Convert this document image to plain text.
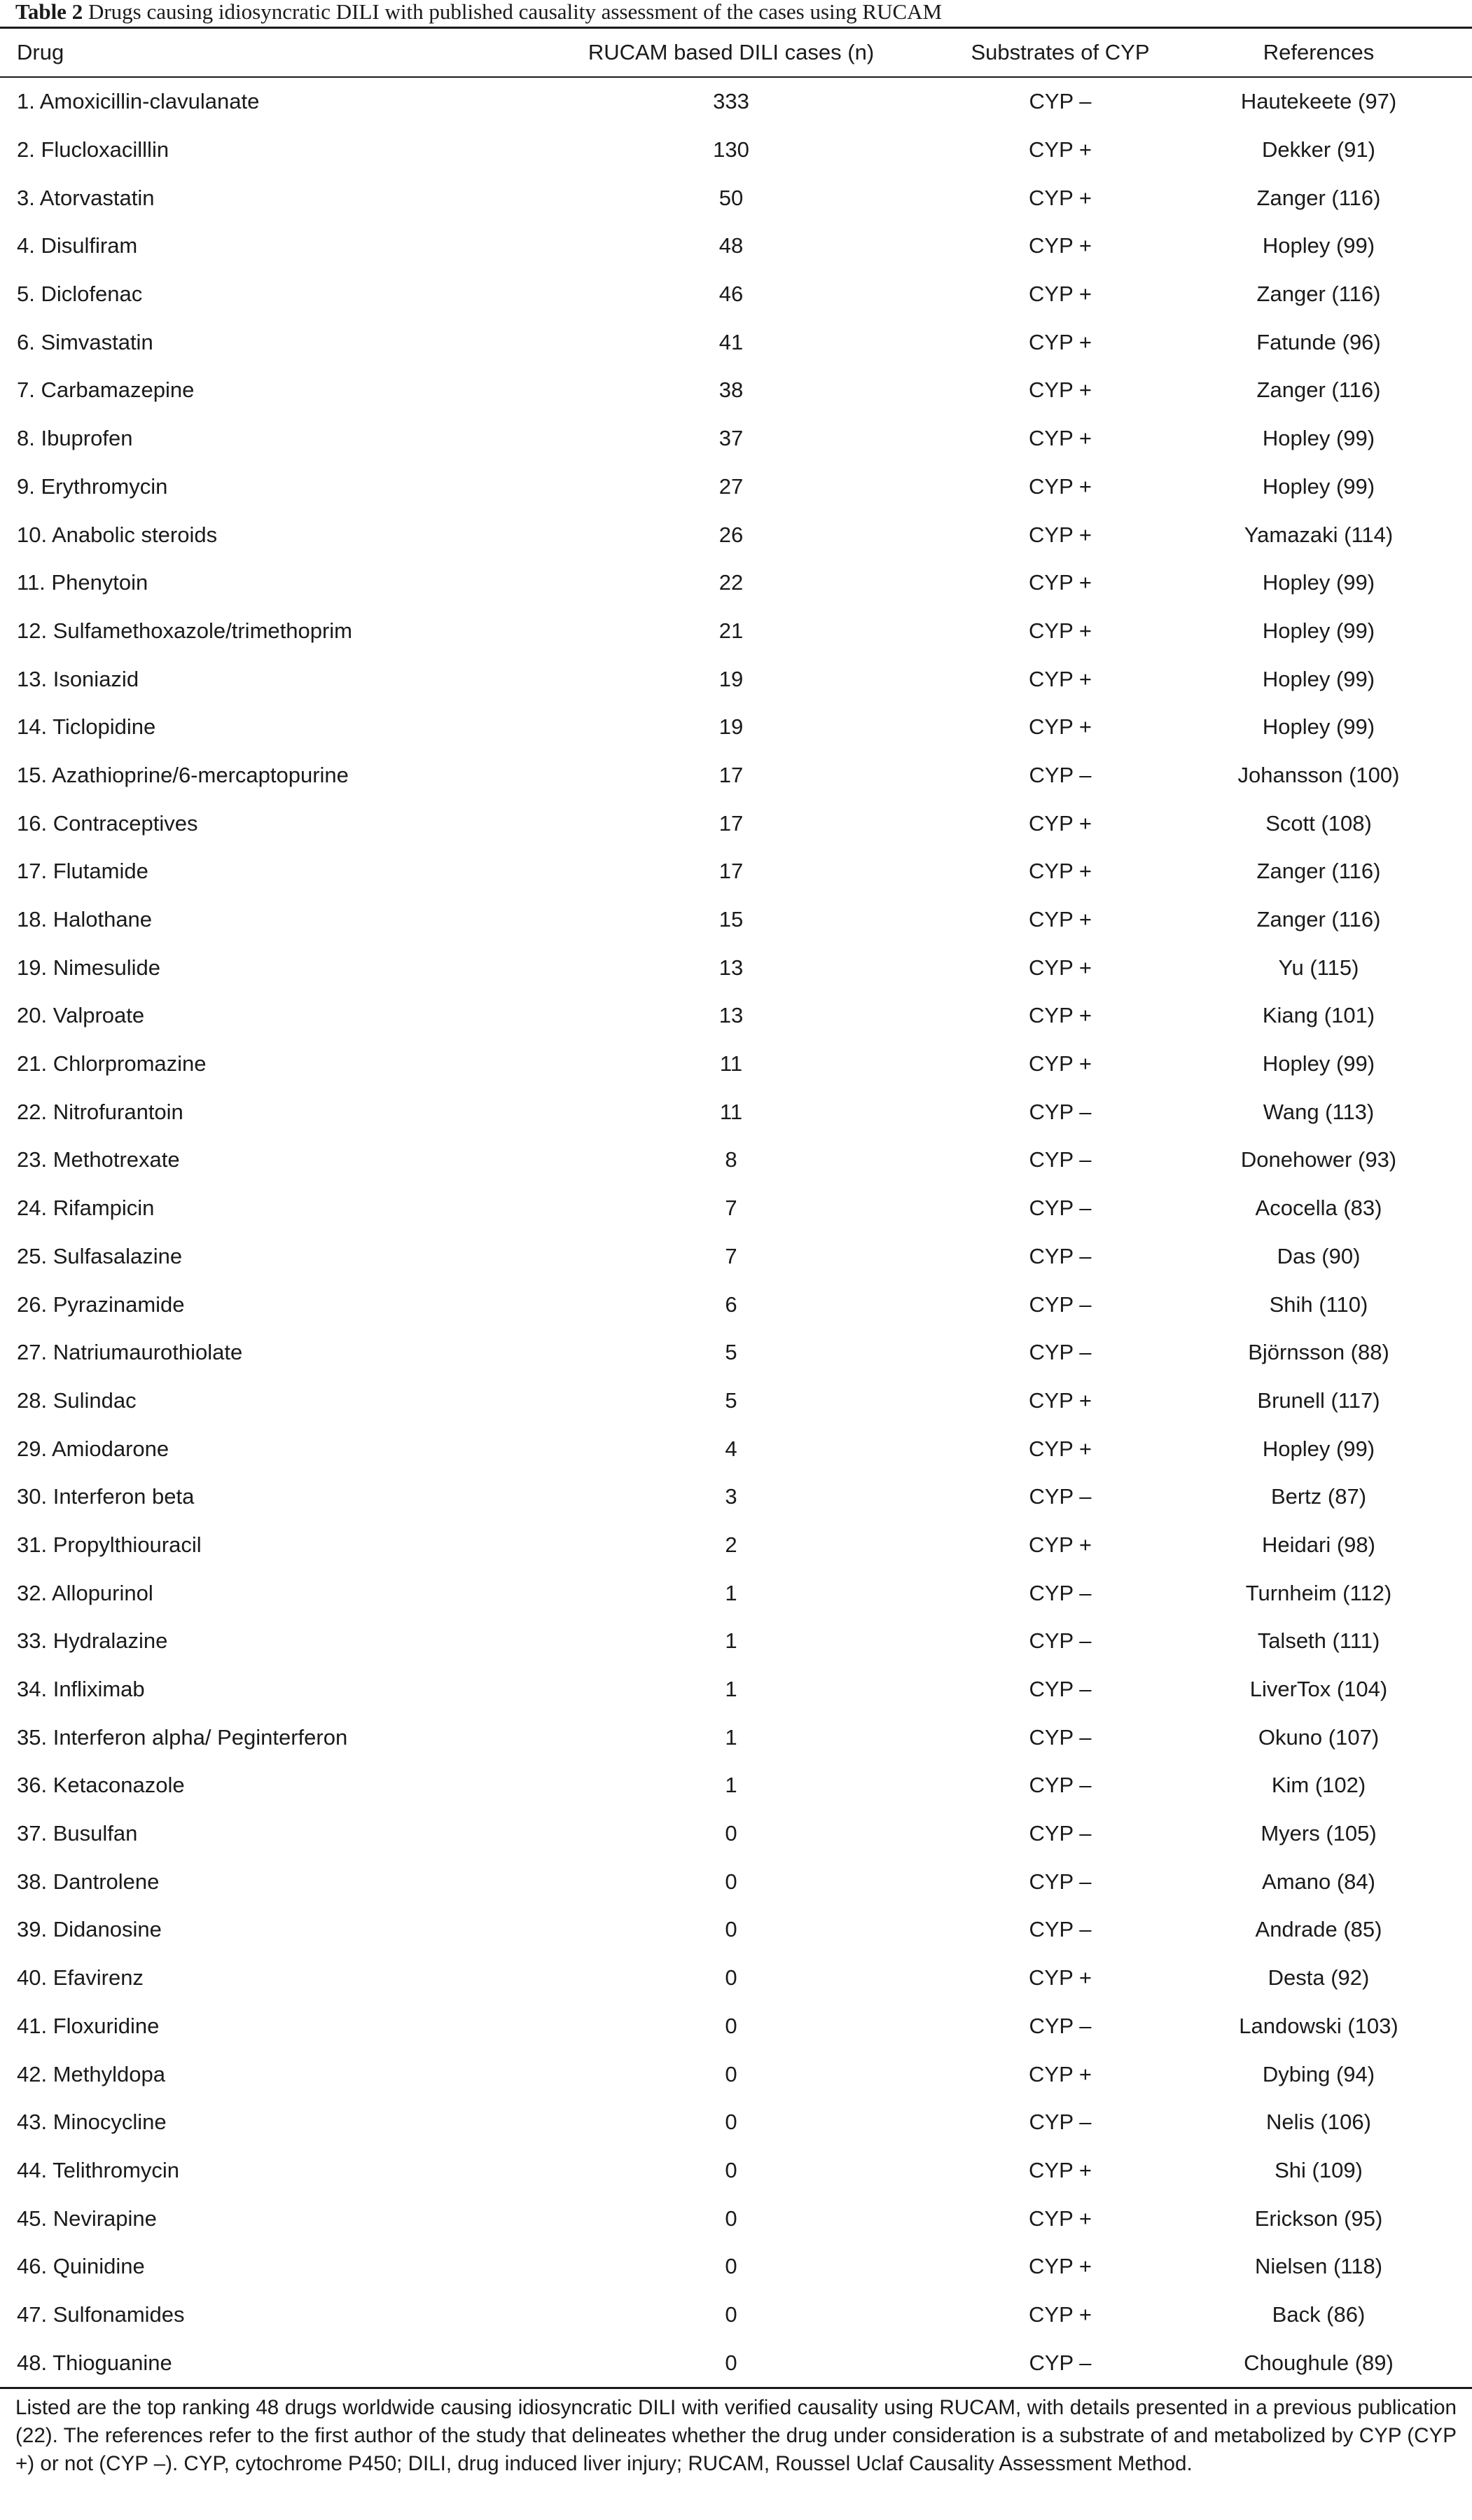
Table 2 Drugs causing idiosyncratic DILI with published causality assessment of the cases using RUCAM
Drug	RUCAM based DILI cases (n)	Substrates of CYP	References
1. Amoxicillin-clavulanate	333	CYP –	Hautekeete (97)
2. Flucloxacilllin	130	CYP +	Dekker (91)
3. Atorvastatin	50	CYP +	Zanger (116)
4. Disulfiram	48	CYP +	Hopley (99)
5. Diclofenac	46	CYP +	Zanger (116)
6. Simvastatin	41	CYP +	Fatunde (96)
7. Carbamazepine	38	CYP +	Zanger (116)
8. Ibuprofen	37	CYP +	Hopley (99)
9. Erythromycin	27	CYP +	Hopley (99)
10. Anabolic steroids	26	CYP +	Yamazaki (114)
11. Phenytoin	22	CYP +	Hopley (99)
12. Sulfamethoxazole/trimethoprim	21	CYP +	Hopley (99)
13. Isoniazid	19	CYP +	Hopley (99)
14. Ticlopidine	19	CYP +	Hopley (99)
15. Azathioprine/6-mercaptopurine	17	CYP –	Johansson (100)
16. Contraceptives	17	CYP +	Scott (108)
17. Flutamide	17	CYP +	Zanger (116)
18. Halothane	15	CYP +	Zanger (116)
19. Nimesulide	13	CYP +	Yu (115)
20. Valproate	13	CYP +	Kiang (101)
21. Chlorpromazine	11	CYP +	Hopley (99)
22. Nitrofurantoin	11	CYP –	Wang (113)
23. Methotrexate	8	CYP –	Donehower (93)
24. Rifampicin	7	CYP –	Acocella (83)
25. Sulfasalazine	7	CYP –	Das (90)
26. Pyrazinamide	6	CYP –	Shih (110)
27. Natriumaurothiolate	5	CYP –	Björnsson (88)
28. Sulindac	5	CYP +	Brunell (117)
29. Amiodarone	4	CYP +	Hopley (99)
30. Interferon beta	3	CYP –	Bertz (87)
31. Propylthiouracil	2	CYP +	Heidari (98)
32. Allopurinol	1	CYP –	Turnheim (112)
33. Hydralazine	1	CYP –	Talseth (111)
34. Infliximab	1	CYP –	LiverTox (104)
35. Interferon alpha/ Peginterferon	1	CYP –	Okuno (107)
36. Ketaconazole	1	CYP –	Kim (102)
37. Busulfan	0	CYP –	Myers (105)
38. Dantrolene	0	CYP –	Amano (84)
39. Didanosine	0	CYP –	Andrade (85)
40. Efavirenz	0	CYP +	Desta (92)
41. Floxuridine	0	CYP –	Landowski (103)
42. Methyldopa	0	CYP +	Dybing (94)
43. Minocycline	0	CYP –	Nelis (106)
44. Telithromycin	0	CYP +	Shi (109)
45. Nevirapine	0	CYP +	Erickson (95)
46. Quinidine	0	CYP +	Nielsen (118)
47. Sulfonamides	0	CYP +	Back (86)
48. Thioguanine	0	CYP –	Choughule (89)
Listed are the top ranking 48 drugs worldwide causing idiosyncratic DILI with verified causality using RUCAM, with details presented in a previous publication (22). The references refer to the first author of the study that delineates whether the drug under consideration is a substrate of and metabolized by CYP (CYP +) or not (CYP –). CYP, cytochrome P450; DILI, drug induced liver injury; RUCAM, Roussel Uclaf Causality Assessment Method.
